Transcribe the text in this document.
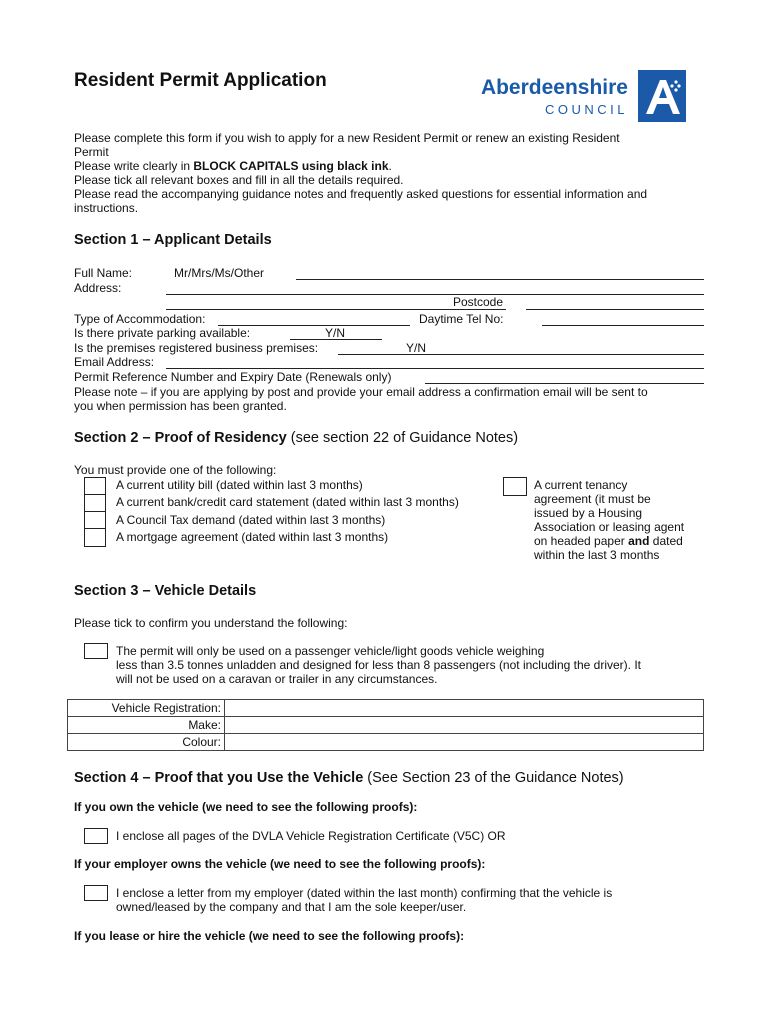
Resident Permit Application	Aberdeenshire
COUNCIL
Please complete this form if you wish to apply for a new Resident Permit or renew an existing Resident
Permit
Please write clearly in BLOCK CAPITALS using black ink.
Please tick all relevant boxes and fill in all the details required.
Please read the accompanying guidance notes and frequently asked questions for essential information and
instructions.
Section 1 – Applicant Details
Full Name:	Mr/Mrs/Ms/Other
Address:
Postcode
Type of Accommodation:	Daytime Tel No:
Is there private parking available:	Y/N
Is the premises registered business premises:	Y/N
Email Address:
Permit Reference Number and Expiry Date (Renewals only)
Please note – if you are applying by post and provide your email address a confirmation email will be sent to
you when permission has been granted.
Section 2 – Proof of Residency (see section 22 of Guidance Notes)
You must provide one of the following:
A current utility bill (dated within last 3 months)
A current bank/credit card statement (dated within last 3 months)
A Council Tax demand (dated within last 3 months)
A mortgage agreement (dated within last 3 months)
A current tenancy
agreement (it must be
issued by a Housing
Association or leasing agent
on headed paper and dated
within the last 3 months
Section 3 – Vehicle Details
Please tick to confirm you understand the following:
The permit will only be used on a passenger vehicle/light goods vehicle weighing
less than 3.5 tonnes unladden and designed for less than 8 passengers (not including the driver). It
will not be used on a caravan or trailer in any circumstances.
Vehicle Registration:	
Make:	
Colour:	
Section 4 – Proof that you Use the Vehicle (See Section 23 of the Guidance Notes)
If you own the vehicle (we need to see the following proofs):
I enclose all pages of the DVLA Vehicle Registration Certificate (V5C) OR
If your employer owns the vehicle (we need to see the following proofs):
I enclose a letter from my employer (dated within the last month) confirming that the vehicle is
owned/leased by the company and that I am the sole keeper/user.
If you lease or hire the vehicle (we need to see the following proofs):
